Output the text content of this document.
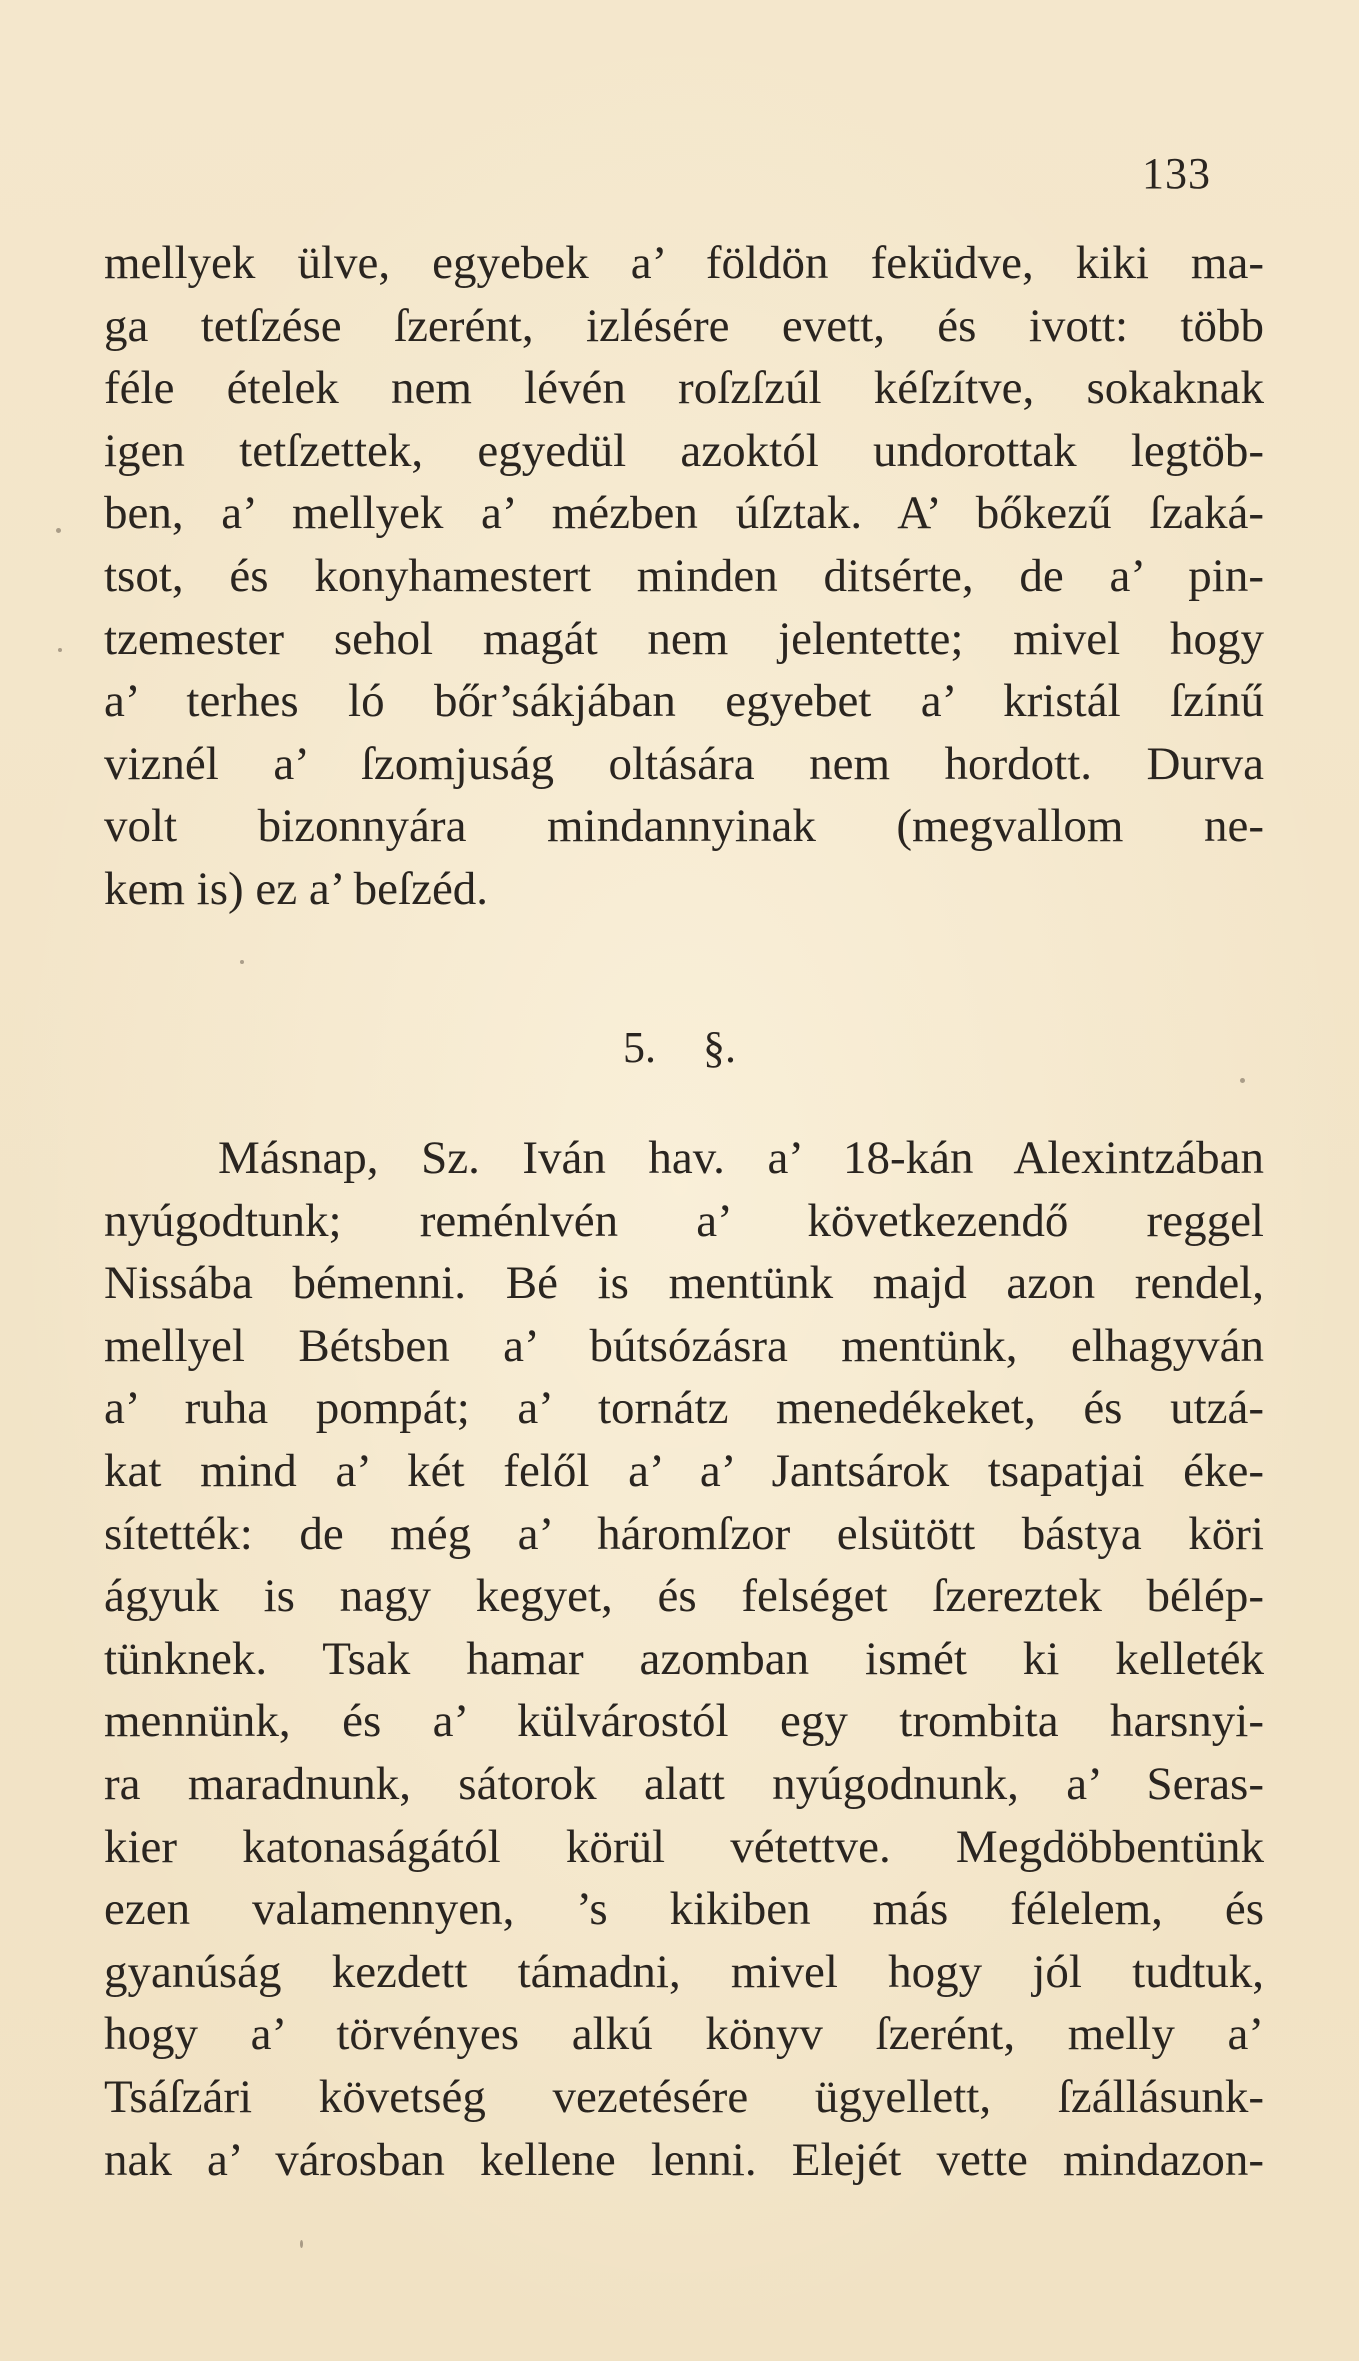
133
mellyek ülve, egyebek a’ földön feküdve, kiki ma-
ga tetſzése ſzerént, izlésére evett, és ivott: több
féle ételek nem lévén roſzſzúl kéſzítve, sokaknak
igen tetſzettek, egyedül azoktól undorottak legtöb-
ben, a’ mellyek a’ mézben úſztak. A’ bőkezű ſzaká-
tsot, és konyhamestert minden ditsérte, de a’ pin-
tzemester sehol magát nem jelentette; mivel hogy
a’ terhes ló bőr’sákjában egyebet a’ kristál ſzínű
viznél a’ ſzomjuság oltására nem hordott. Durva
volt bizonnyára mindannyinak (megvallom ne-
kem is) ez a’ beſzéd.
5. §.
Másnap, Sz. Iván hav. a’ 18-kán Alexintzában
nyúgodtunk; reménlvén a’ következendő reggel
Nissába bémenni. Bé is mentünk majd azon rendel,
mellyel Bétsben a’ bútsózásra mentünk, elhagyván
a’ ruha pompát; a’ tornátz menedékeket, és utzá-
kat mind a’ két felől a’ a’ Jantsárok tsapatjai éke-
sítették: de még a’ háromſzor elsütött bástya köri
ágyuk is nagy kegyet, és felséget ſzereztek bélép-
tünknek. Tsak hamar azomban ismét ki kelleték
mennünk, és a’ külvárostól egy trombita harsnyi-
ra maradnunk, sátorok alatt nyúgodnunk, a’ Seras-
kier katonaságától körül vétettve. Megdöbbentünk
ezen valamennyen, ’s kikiben más félelem, és
gyanúság kezdett támadni, mivel hogy jól tudtuk,
hogy a’ törvényes alkú könyv ſzerént, melly a’
Tsáſzári követség vezetésére ügyellett, ſzállásunk-
nak a’ városban kellene lenni. Elejét vette mindazon-
